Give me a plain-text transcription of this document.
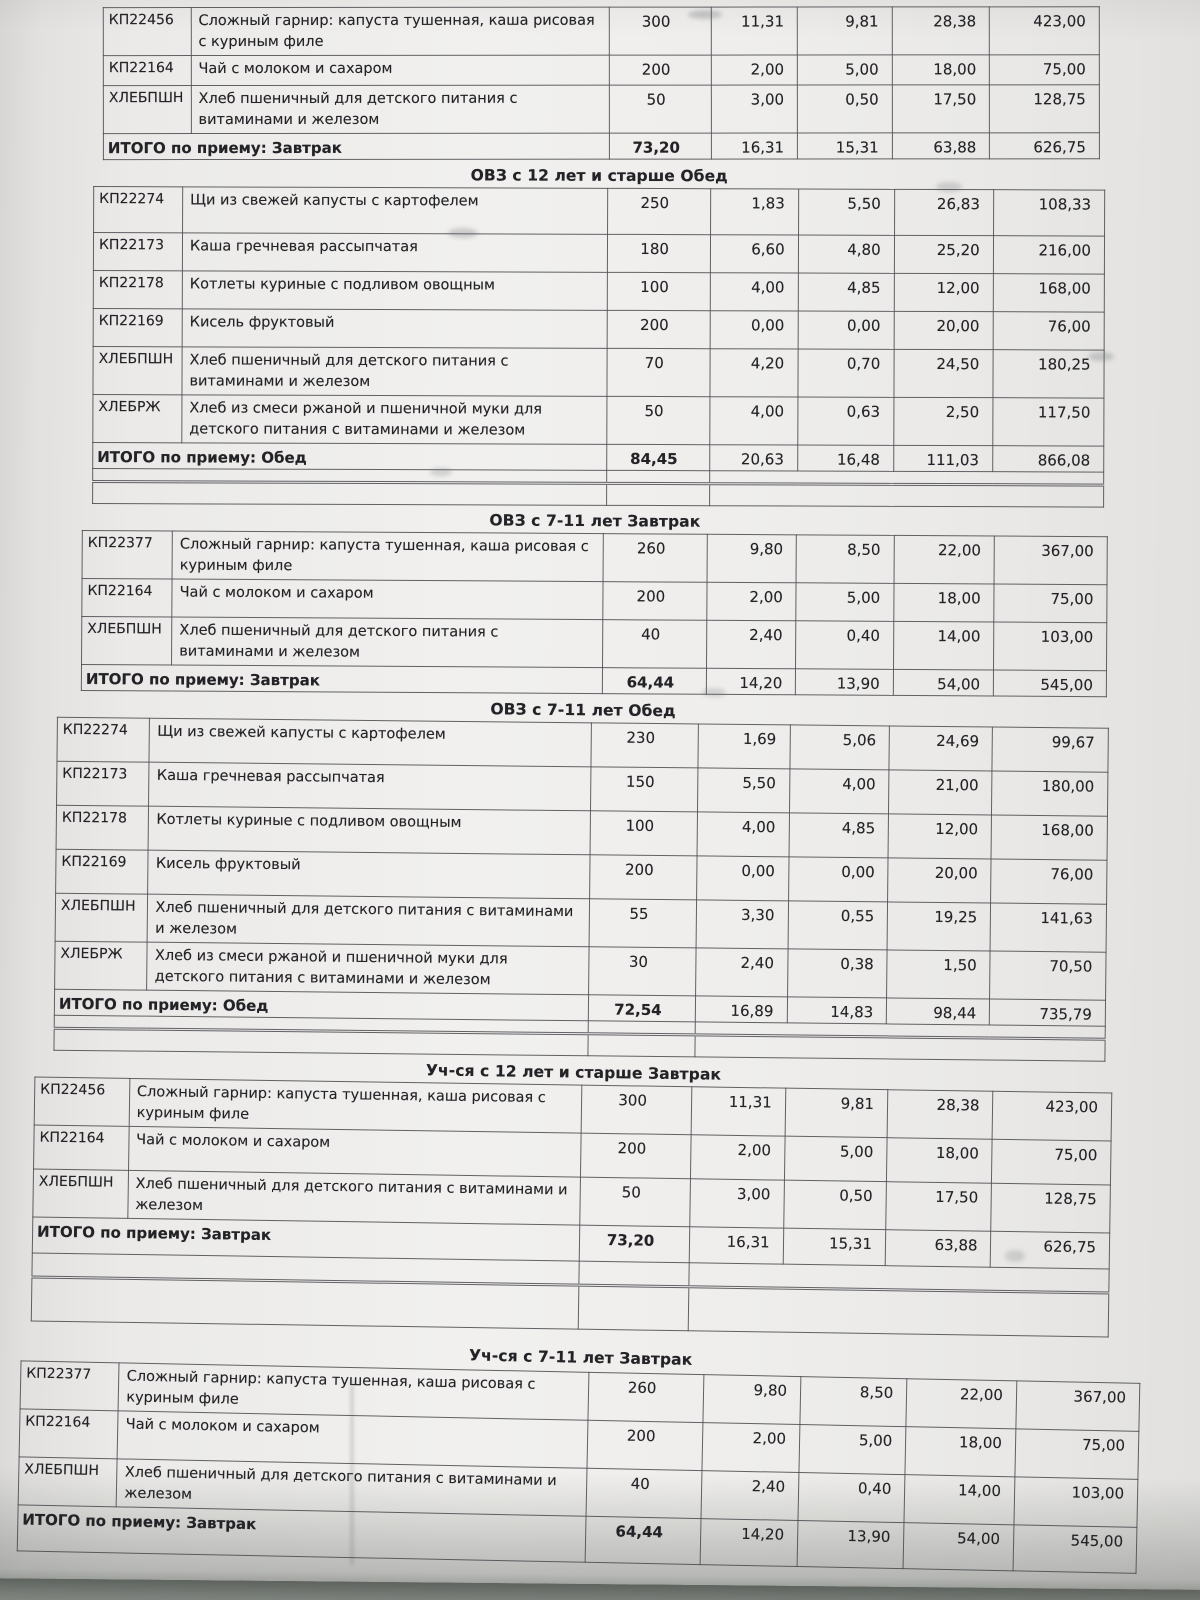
КП22456	Сложный гарнир: капуста тушенная, каша рисовая с куриным филе	300	11,31	9,81	28,38	423,00
КП22164	Чай с молоком и сахаром	200	2,00	5,00	18,00	75,00
ХЛЕБПШН	Хлеб пшеничный для детского питания с витаминами и железом	50	3,00	0,50	17,50	128,75
ИТОГО по приему: Завтрак		73,20	16,31	15,31	63,88	626,75
ОВЗ с 12 лет и старше Обед
КП22274	Щи из свежей капусты с картофелем	250	1,83	5,50	26,83	108,33
КП22173	Каша гречневая рассыпчатая	180	6,60	4,80	25,20	216,00
КП22178	Котлеты куриные с подливом овощным	100	4,00	4,85	12,00	168,00
КП22169	Кисель фруктовый	200	0,00	0,00	20,00	76,00
ХЛЕБПШН	Хлеб пшеничный для детского питания с витаминами и железом	70	4,20	0,70	24,50	180,25
ХЛЕБРЖ	Хлеб из смеси ржаной и пшеничной муки для детского питания с витаминами и железом	50	4,00	0,63	2,50	117,50
ИТОГО по приему: Обед		84,45	20,63	16,48	111,03	866,08

ОВЗ с 7-11 лет Завтрак
КП22377	Сложный гарнир: капуста тушенная, каша рисовая с куриным филе	260	9,80	8,50	22,00	367,00
КП22164	Чай с молоком и сахаром	200	2,00	5,00	18,00	75,00
ХЛЕБПШН	Хлеб пшеничный для детского питания с витаминами и железом	40	2,40	0,40	14,00	103,00
ИТОГО по приему: Завтрак		64,44	14,20	13,90	54,00	545,00
ОВЗ с 7-11 лет Обед
КП22274	Щи из свежей капусты с картофелем	230	1,69	5,06	24,69	99,67
КП22173	Каша гречневая рассыпчатая	150	5,50	4,00	21,00	180,00
КП22178	Котлеты куриные с подливом овощным	100	4,00	4,85	12,00	168,00
КП22169	Кисель фруктовый	200	0,00	0,00	20,00	76,00
ХЛЕБПШН	Хлеб пшеничный для детского питания с витаминами и железом	55	3,30	0,55	19,25	141,63
ХЛЕБРЖ	Хлеб из смеси ржаной и пшеничной муки для детского питания с витаминами и железом	30	2,40	0,38	1,50	70,50
ИТОГО по приему: Обед		72,54	16,89	14,83	98,44	735,79

Уч-ся с 12 лет и старше Завтрак
КП22456	Сложный гарнир: капуста тушенная, каша рисовая с куриным филе	300	11,31	9,81	28,38	423,00
КП22164	Чай с молоком и сахаром	200	2,00	5,00	18,00	75,00
ХЛЕБПШН	Хлеб пшеничный для детского питания с витаминами и железом	50	3,00	0,50	17,50	128,75
ИТОГО по приему: Завтрак		73,20	16,31	15,31	63,88	626,75

Уч-ся с 7-11 лет Завтрак
КП22377	Сложный гарнир: капуста тушенная, каша рисовая с куриным филе	260	9,80	8,50	22,00	367,00
КП22164	Чай с молоком и сахаром	200	2,00	5,00	18,00	75,00
ХЛЕБПШН	Хлеб пшеничный для детского питания с витаминами и железом	40	2,40	0,40	14,00	103,00
ИТОГО по приему: Завтрак		64,44	14,20	13,90	54,00	545,00
